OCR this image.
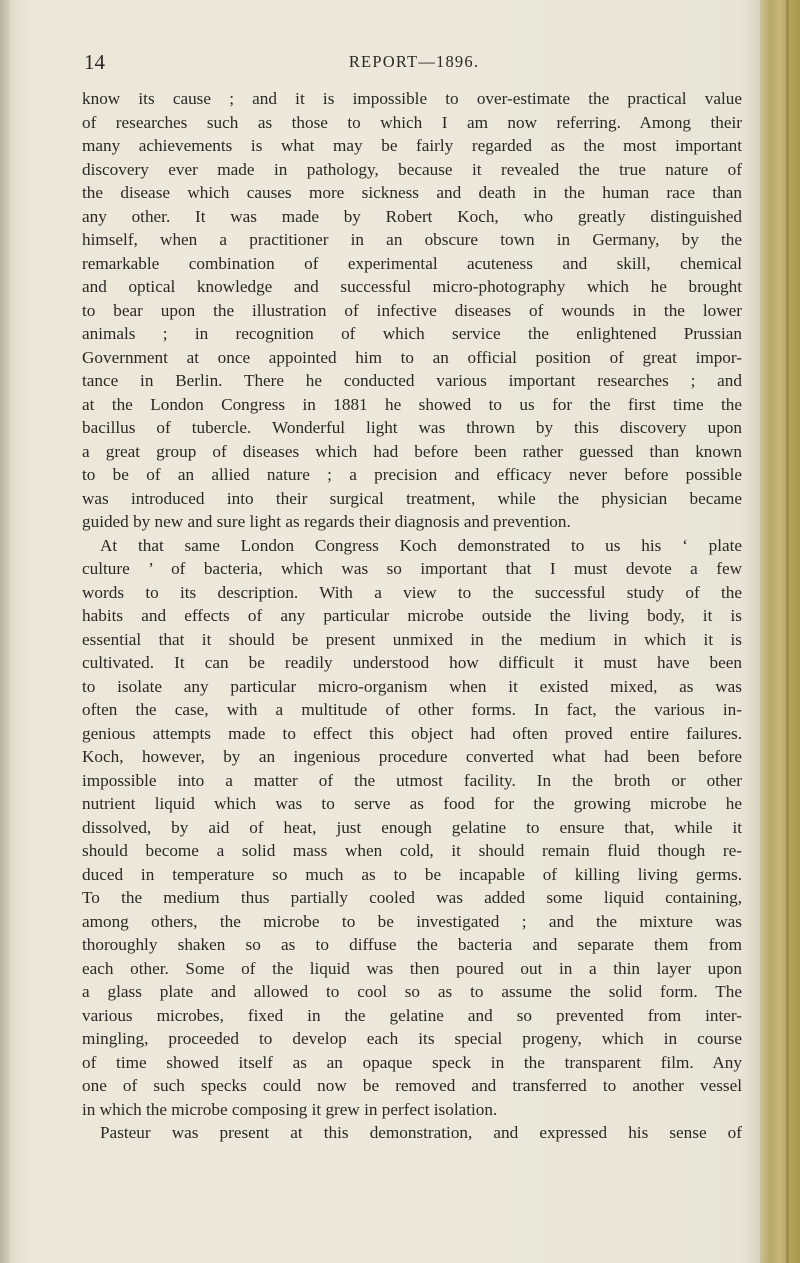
14	REPORT—1896.
know its cause ; and it is impossible to over-estimate the practical value
of researches such as those to which I am now referring. Among their
many achievements is what may be fairly regarded as the most important
discovery ever made in pathology, because it revealed the true nature of
the disease which causes more sickness and death in the human race than
any other. It was made by Robert Koch, who greatly distinguished
himself, when a practitioner in an obscure town in Germany, by the
remarkable combination of experimental acuteness and skill, chemical
and optical knowledge and successful micro-photography which he brought
to bear upon the illustration of infective diseases of wounds in the lower
animals ; in recognition of which service the enlightened Prussian
Government at once appointed him to an official position of great impor-
tance in Berlin. There he conducted various important researches ; and
at the London Congress in 1881 he showed to us for the first time the
bacillus of tubercle. Wonderful light was thrown by this discovery upon
a great group of diseases which had before been rather guessed than known
to be of an allied nature ; a precision and efficacy never before possible
was introduced into their surgical treatment, while the physician became
guided by new and sure light as regards their diagnosis and prevention.
At that same London Congress Koch demonstrated to us his ‘ plate
culture ’ of bacteria, which was so important that I must devote a few
words to its description. With a view to the successful study of the
habits and effects of any particular microbe outside the living body, it is
essential that it should be present unmixed in the medium in which it is
cultivated. It can be readily understood how difficult it must have been
to isolate any particular micro-organism when it existed mixed, as was
often the case, with a multitude of other forms. In fact, the various in-
genious attempts made to effect this object had often proved entire failures.
Koch, however, by an ingenious procedure converted what had been before
impossible into a matter of the utmost facility. In the broth or other
nutrient liquid which was to serve as food for the growing microbe he
dissolved, by aid of heat, just enough gelatine to ensure that, while it
should become a solid mass when cold, it should remain fluid though re-
duced in temperature so much as to be incapable of killing living germs.
To the medium thus partially cooled was added some liquid containing,
among others, the microbe to be investigated ; and the mixture was
thoroughly shaken so as to diffuse the bacteria and separate them from
each other. Some of the liquid was then poured out in a thin layer upon
a glass plate and allowed to cool so as to assume the solid form. The
various microbes, fixed in the gelatine and so prevented from inter-
mingling, proceeded to develop each its special progeny, which in course
of time showed itself as an opaque speck in the transparent film. Any
one of such specks could now be removed and transferred to another vessel
in which the microbe composing it grew in perfect isolation.
Pasteur was present at this demonstration, and expressed his sense of
